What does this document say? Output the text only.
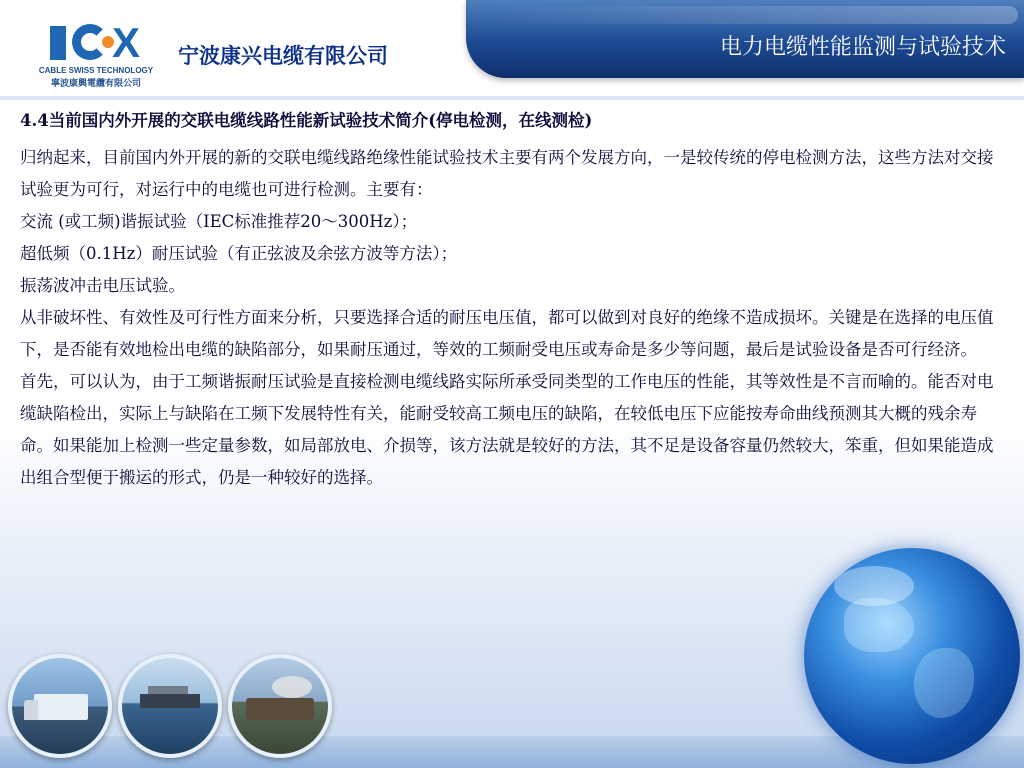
X
CABLE SWISS TECHNOLOGY
寧波康興電纜有限公司
宁波康兴电缆有限公司	电力电缆性能监测与试验技术

4.4当前国内外开展的交联电缆线路性能新试验技术简介(停电检测，在线测检)

归纳起来，目前国内外开展的新的交联电缆线路绝缘性能试验技术主要有两个发展方向，一是较传统的停电检测方法，这些方法对交接试验更为可行，对运行中的电缆也可进行检测。主要有：

交流 (或工频)谐振试验（IEC标准推荐20～300Hz）；

超低频（0.1Hz）耐压试验（有正弦波及余弦方波等方法）；

振荡波冲击电压试验。

从非破坏性、有效性及可行性方面来分析，只要选择合适的耐压电压值，都可以做到对良好的绝缘不造成损坏。关键是在选择的电压值下，是否能有效地检出电缆的缺陷部分，如果耐压通过，等效的工频耐受电压或寿命是多少等问题，最后是试验设备是否可行经济。

首先，可以认为，由于工频谐振耐压试验是直接检测电缆线路实际所承受同类型的工作电压的性能，其等效性是不言而喻的。能否对电缆缺陷检出，实际上与缺陷在工频下发展特性有关，能耐受较高工频电压的缺陷，在较低电压下应能按寿命曲线预测其大概的残余寿命。如果能加上检测一些定量参数，如局部放电、介损等，该方法就是较好的方法，其不足是设备容量仍然较大，笨重，但如果能造成出组合型便于搬运的形式，仍是一种较好的选择。
